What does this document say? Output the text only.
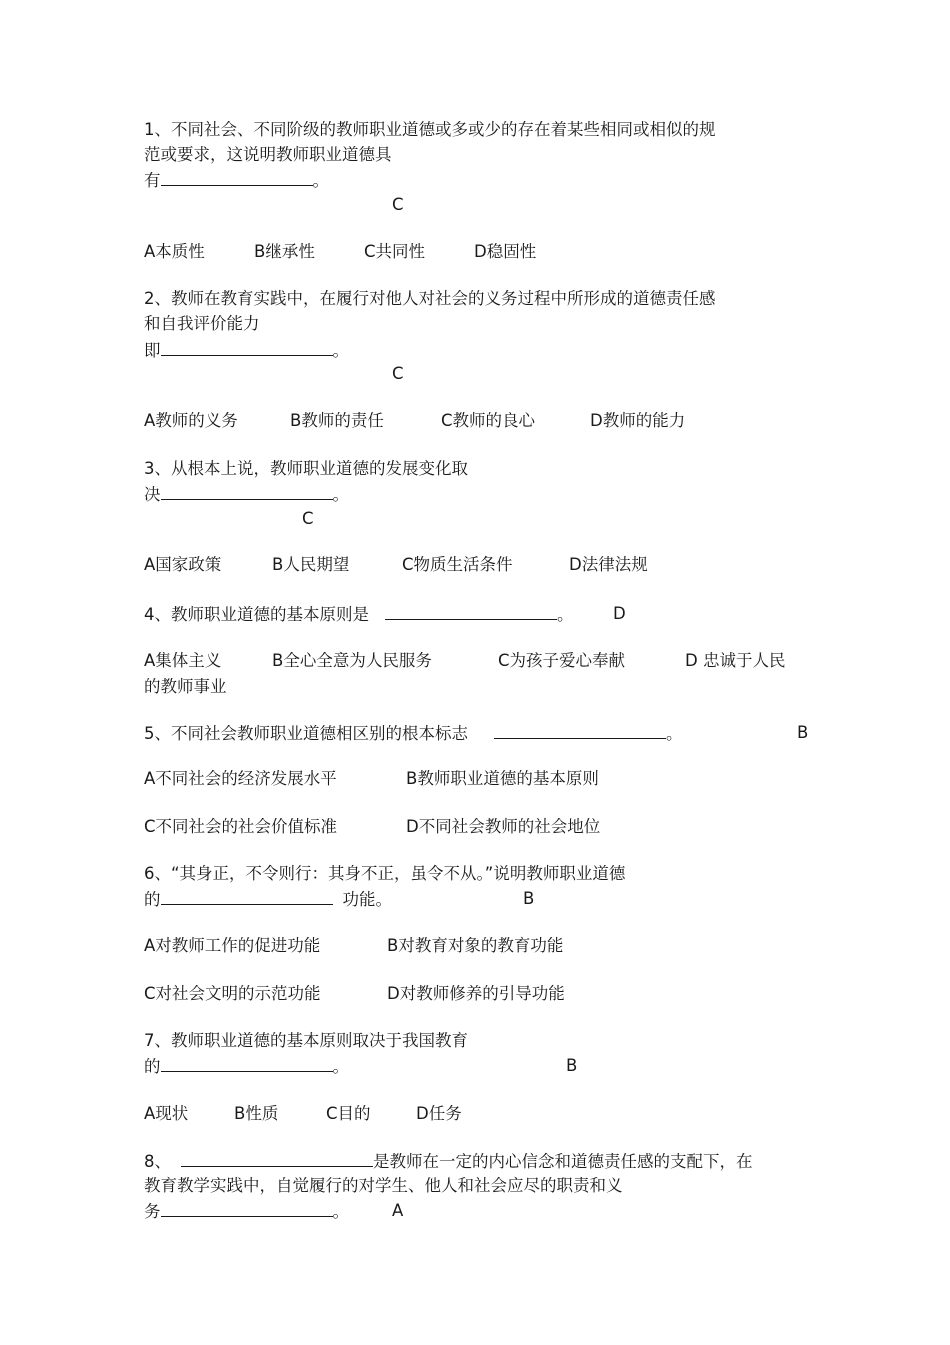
1、不同社会、不同阶级的教师职业道德或多或少的存在着某些相同或相似的规
范或要求，这说明教师职业道德具
有	。
C
A本质性	B继承性	C共同性	D稳固性
2、教师在教育实践中，在履行对他人对社会的义务过程中所形成的道德责任感
和自我评价能力
即	。
C
A教师的义务	B教师的责任	C教师的良心	D教师的能力
3、从根本上说，教师职业道德的发展变化取
决	。
C
A国家政策	B人民期望	C物质生活条件	D法律法规
4、教师职业道德的基本原则是	。 D
A集体主义	B全心全意为人民服务	C为孩子爱心奉献	D 忠诚于人民
的教师事业
5、不同社会教师职业道德相区别的根本标志	。	B
A不同社会的经济发展水平	B教师职业道德的基本原则
C不同社会的社会价值标准	D不同社会教师的社会地位
6、“其身正，不令则行：其身不正，虽令不从。”说明教师职业道德
的	功能。	B
A对教师工作的促进功能	B对教育对象的教育功能
C对社会文明的示范功能	D对教师修养的引导功能
7、教师职业道德的基本原则取决于我国教育
的	。	B
A现状	B性质	C目的	D任务
8、	是教师在一定的内心信念和道德责任感的支配下，在
教育教学实践中，自觉履行的对学生、他人和社会应尽的职责和义
务	。	A
